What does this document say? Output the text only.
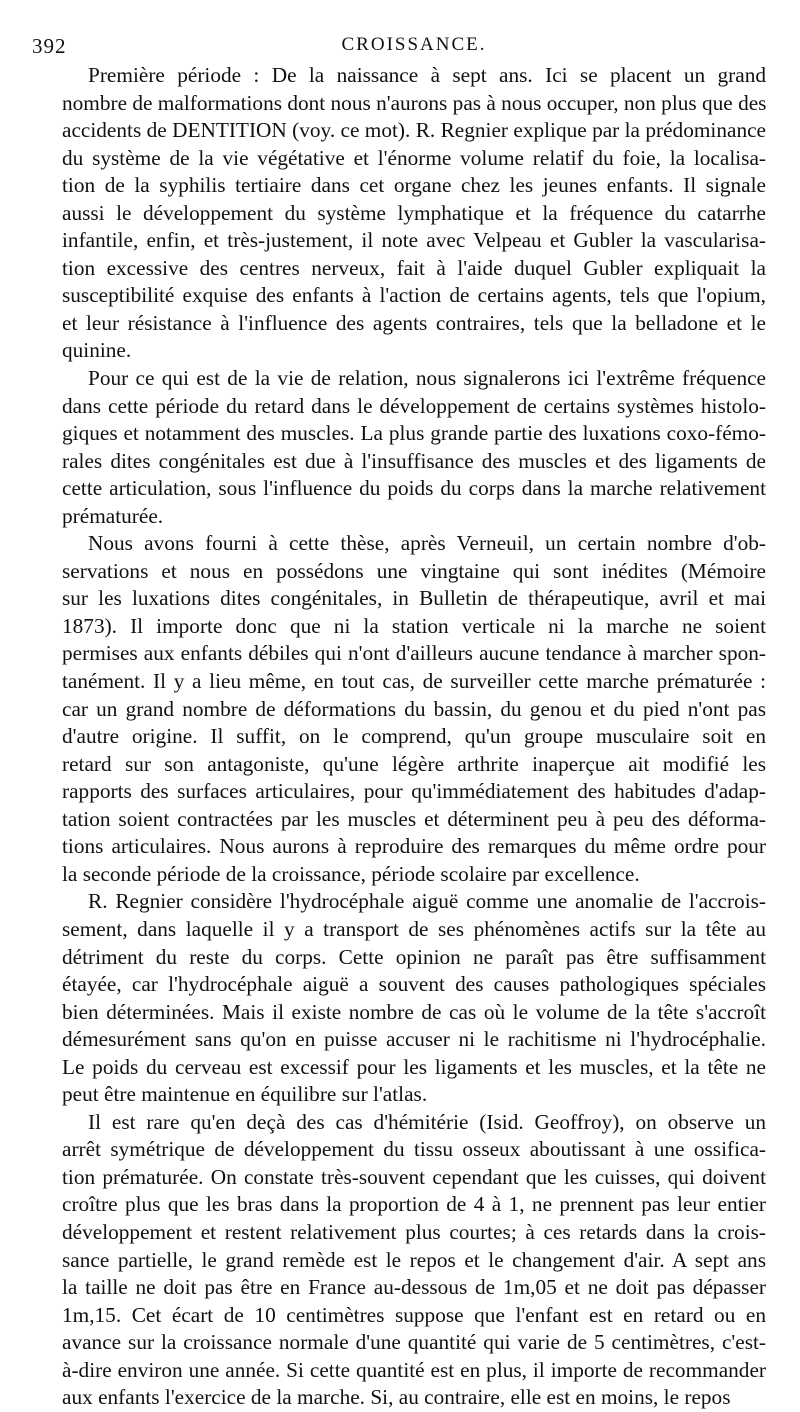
392	CROISSANCE.
Première période : De la naissance à sept ans. Ici se placent un grand
nombre de malformations dont nous n'aurons pas à nous occuper, non plus que des
accidents de DENTITION (voy. ce mot). R. Regnier explique par la prédominance
du système de la vie végétative et l'énorme volume relatif du foie, la localisa-
tion de la syphilis tertiaire dans cet organe chez les jeunes enfants. Il signale
aussi le développement du système lymphatique et la fréquence du catarrhe
infantile, enfin, et très-justement, il note avec Velpeau et Gubler la vascularisa-
tion excessive des centres nerveux, fait à l'aide duquel Gubler expliquait la
susceptibilité exquise des enfants à l'action de certains agents, tels que l'opium,
et leur résistance à l'influence des agents contraires, tels que la belladone et le
quinine.
Pour ce qui est de la vie de relation, nous signalerons ici l'extrême fréquence
dans cette période du retard dans le développement de certains systèmes histolo-
giques et notamment des muscles. La plus grande partie des luxations coxo-fémo-
rales dites congénitales est due à l'insuffisance des muscles et des ligaments de
cette articulation, sous l'influence du poids du corps dans la marche relativement
prématurée.
Nous avons fourni à cette thèse, après Verneuil, un certain nombre d'ob-
servations et nous en possédons une vingtaine qui sont inédites (Mémoire
sur les luxations dites congénitales, in Bulletin de thérapeutique, avril et mai
1873). Il importe donc que ni la station verticale ni la marche ne soient
permises aux enfants débiles qui n'ont d'ailleurs aucune tendance à marcher spon-
tanément. Il y a lieu même, en tout cas, de surveiller cette marche prématurée :
car un grand nombre de déformations du bassin, du genou et du pied n'ont pas
d'autre origine. Il suffit, on le comprend, qu'un groupe musculaire soit en
retard sur son antagoniste, qu'une légère arthrite inaperçue ait modifié les
rapports des surfaces articulaires, pour qu'immédiatement des habitudes d'adap-
tation soient contractées par les muscles et déterminent peu à peu des déforma-
tions articulaires. Nous aurons à reproduire des remarques du même ordre pour
la seconde période de la croissance, période scolaire par excellence.
R. Regnier considère l'hydrocéphale aiguë comme une anomalie de l'accrois-
sement, dans laquelle il y a transport de ses phénomènes actifs sur la tête au
détriment du reste du corps. Cette opinion ne paraît pas être suffisamment
étayée, car l'hydrocéphale aiguë a souvent des causes pathologiques spéciales
bien déterminées. Mais il existe nombre de cas où le volume de la tête s'accroît
démesurément sans qu'on en puisse accuser ni le rachitisme ni l'hydrocéphalie.
Le poids du cerveau est excessif pour les ligaments et les muscles, et la tête ne
peut être maintenue en équilibre sur l'atlas.
Il est rare qu'en deçà des cas d'hémitérie (Isid. Geoffroy), on observe un
arrêt symétrique de développement du tissu osseux aboutissant à une ossifica-
tion prématurée. On constate très-souvent cependant que les cuisses, qui doivent
croître plus que les bras dans la proportion de 4 à 1, ne prennent pas leur entier
développement et restent relativement plus courtes; à ces retards dans la crois-
sance partielle, le grand remède est le repos et le changement d'air. A sept ans
la taille ne doit pas être en France au-dessous de 1m,05 et ne doit pas dépasser
1m,15. Cet écart de 10 centimètres suppose que l'enfant est en retard ou en
avance sur la croissance normale d'une quantité qui varie de 5 centimètres, c'est-
à-dire environ une année. Si cette quantité est en plus, il importe de recommander
aux enfants l'exercice de la marche. Si, au contraire, elle est en moins, le repos
